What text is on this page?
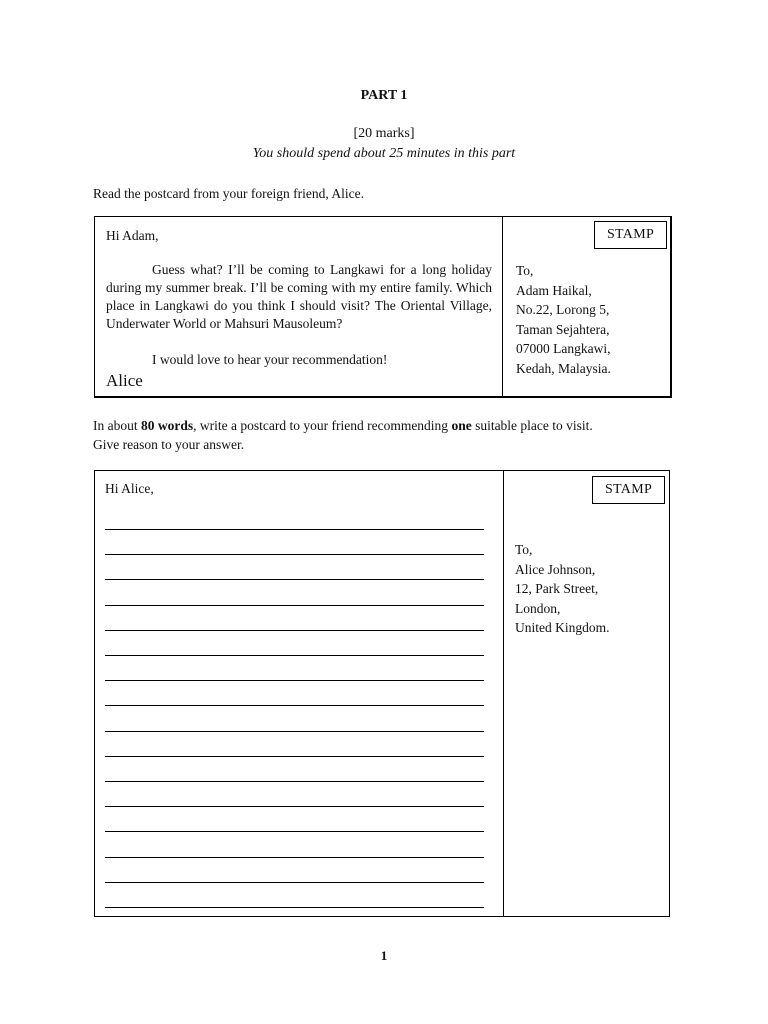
PART 1
[20 marks]
You should spend about 25 minutes in this part
Read the postcard from your foreign friend, Alice.
STAMP
Hi Adam,
Guess what? I’ll be coming to Langkawi for a long holiday during my summer break. I’ll be coming with my entire family. Which place in Langkawi do you think I should visit? The Oriental Village, Underwater World or Mahsuri Mausoleum?
I would love to hear your recommendation!
Alice
To,
Adam Haikal,
No.22, Lorong 5,
Taman Sejahtera,
07000 Langkawi,
Kedah, Malaysia.
In about 80 words, write a postcard to your friend recommending one suitable place to visit.
Give reason to your answer.
STAMP
Hi Alice,
To,
Alice Johnson,
12, Park Street,
London,
United Kingdom.
1
